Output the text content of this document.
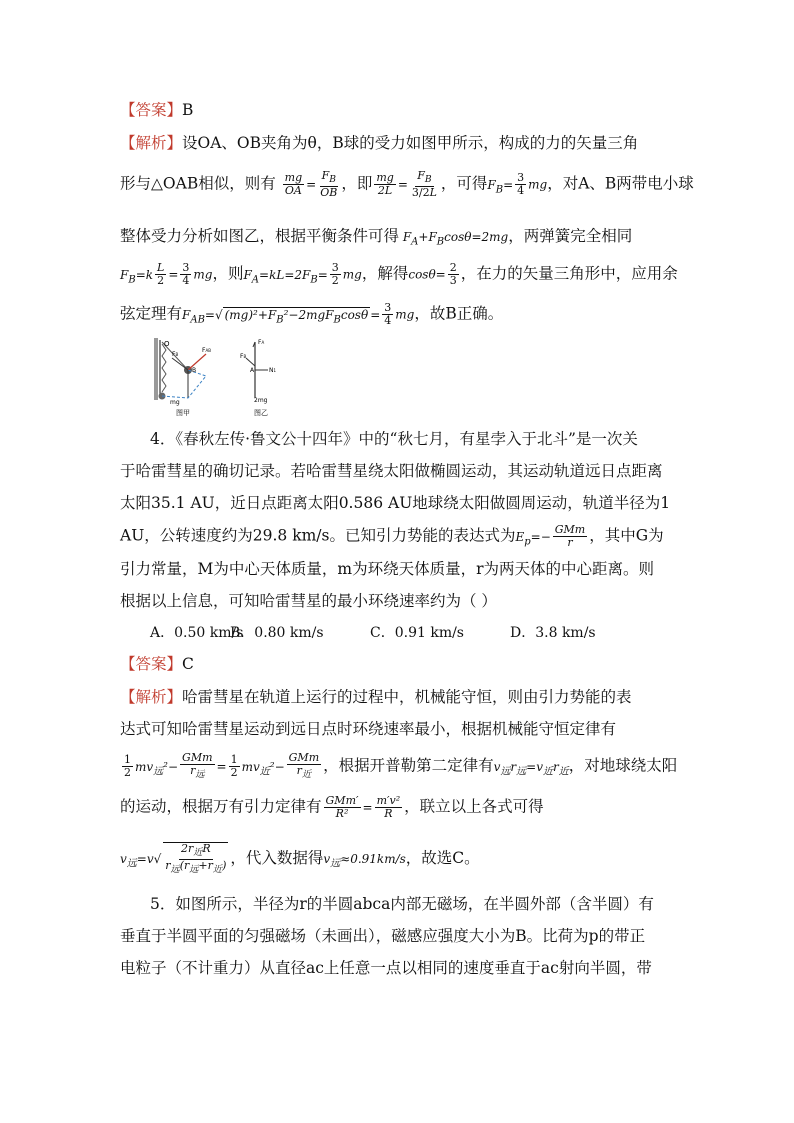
【答案】B
【解析】设OA、OB夹角为θ，B球的受力如图甲所示，构成的力的矢量三角
形与△OAB相似，则有 $\frac{mg}{OA} = \frac{F_B}{OB}$ ，即 $\frac{mg}{2L} = \frac{F_B}{3/2L}$ ，可得$F_B= \frac{3}{4}$ mg，对A、B两带电小球
整体受力分析如图乙，根据平衡条件可得 $F_A+F_B\cos\theta=2mg$，两弹簧完全相同
$F_B=k \frac{L}{2} = \frac{3}{4}$ mg，则$F_A=kL=2F_B= \frac{3}{2}$ mg，解得$\cos\theta= \frac{2}{3}$ ，在力的矢量三角形中，应用余
弦定理有$F_{AB}=√$ $(mg)^2+F_B^2-2mgF_B\cos\theta = \frac{3}{4}$ mg，故B正确。
O
FB
FAB
B
mg
图甲
FA
FB
A N1
2mg
图乙
4．《春秋左传·鲁文公十四年》中的“秋七月，有星孛入于北斗”是一次关
于哈雷彗星的确切记录。若哈雷彗星绕太阳做椭圆运动，其运动轨道远日点距离
太阳35.1 AU，近日点距离太阳0.586 AU地球绕太阳做圆周运动，轨道半径为1
AU，公转速度约为29.8 km/s。已知引力势能的表达式为$E_p=- \frac{\text{GMm}}{r}$ ，其中G为
引力常量，M为中心天体质量，m为环绕天体质量，r为两天体的中心距离。则
根据以上信息，可知哈雷彗星的最小环绕速率约为（ ）
A．0.50 km/sB．0.80 km/s	C．0.91 km/s	D．3.8 km/s
【答案】C
【解析】哈雷彗星在轨道上运行的过程中，机械能守恒，则由引力势能的表
达式可知哈雷彗星运动到远日点时环绕速率最小，根据机械能守恒定律有
$\frac{1}{2} mv_远^2- \frac{\text{GMm}}{r_远} = \frac{1}{2} mv_近^2- \frac{\text{GMm}}{r_近}$ ，根据开普勒第二定律有$v_远r_远=v_近r_近$，对地球绕太阳
的运动，根据万有引力定律有 $\frac{\text{GMm′}}{\text{R²}} = \frac{\text{m′v²}}{R}$ ，联立以上各式可得
$v_远=v√ \frac{2r_近R}{r_远(r_远+r_近)}$ ，代入数据得$v_远\approx 0.91km/s$，故选C。
5．如图所示，半径为r的半圆abca内部无磁场，在半圆外部（含半圆）有
垂直于半圆平面的匀强磁场（未画出），磁感应强度大小为B。比荷为p的带正
电粒子（不计重力）从直径ac上任意一点以相同的速度垂直于ac射向半圆，带
